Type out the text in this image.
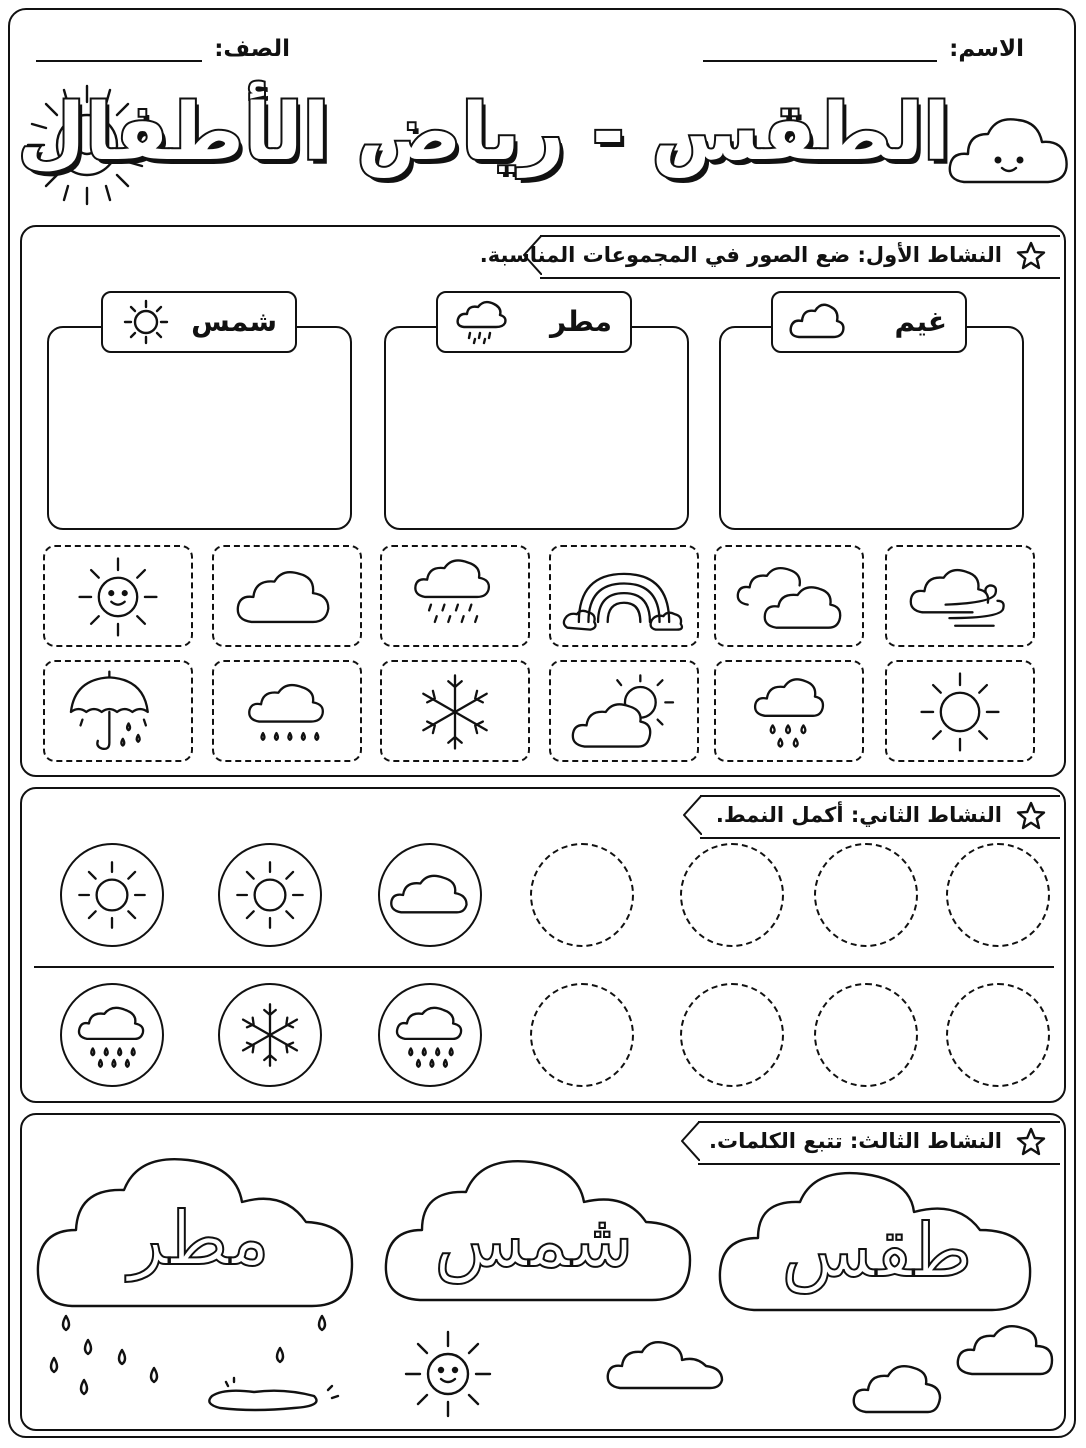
الاسم:
الصف:
الطقس - رياض الأطفال
النشاط الأول: ضع الصور في المجموعات المناسبة.
غيم
مطر
شمس
النشاط الثاني: أكمل النمط.
النشاط الثالث: تتبع الكلمات.
طقس
شمس
مطر
